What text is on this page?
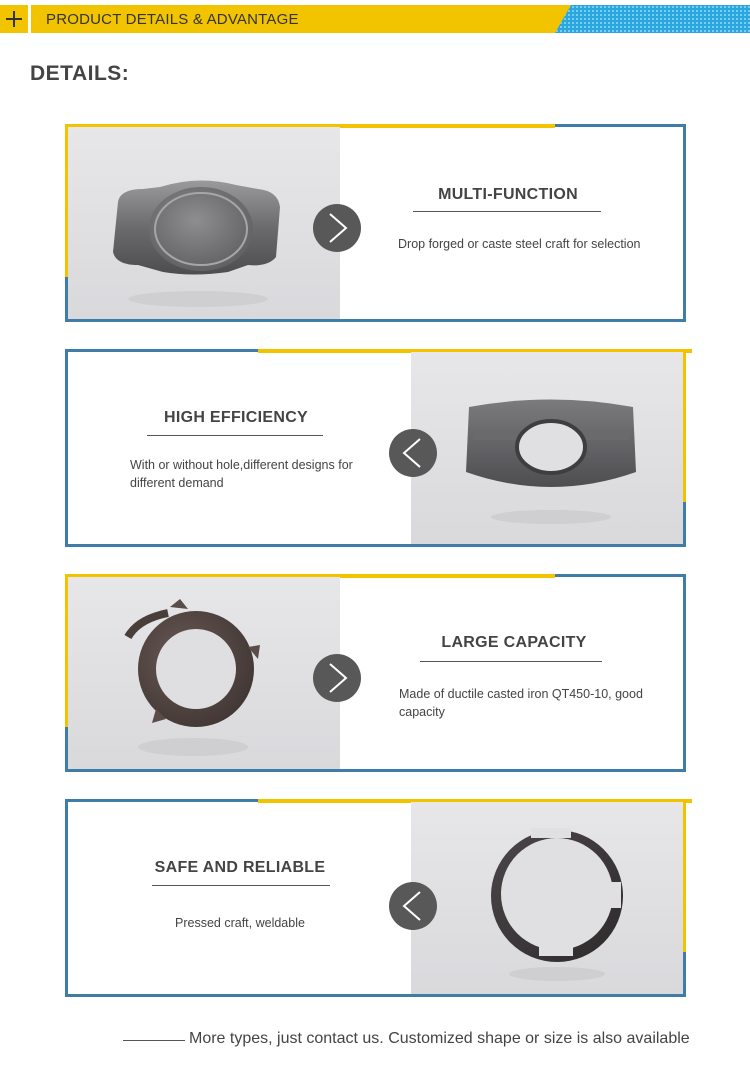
PRODUCT DETAILS & ADVANTAGE
DETAILS:
MULTI-FUNCTION
Drop forged or caste steel craft for selection
HIGH EFFICIENCY
With or without hole,different designs for different demand
LARGE CAPACITY
Made of ductile casted iron QT450-10, good capacity
SAFE AND RELIABLE
Pressed craft, weldable
More types, just contact us. Customized shape or size is also available
